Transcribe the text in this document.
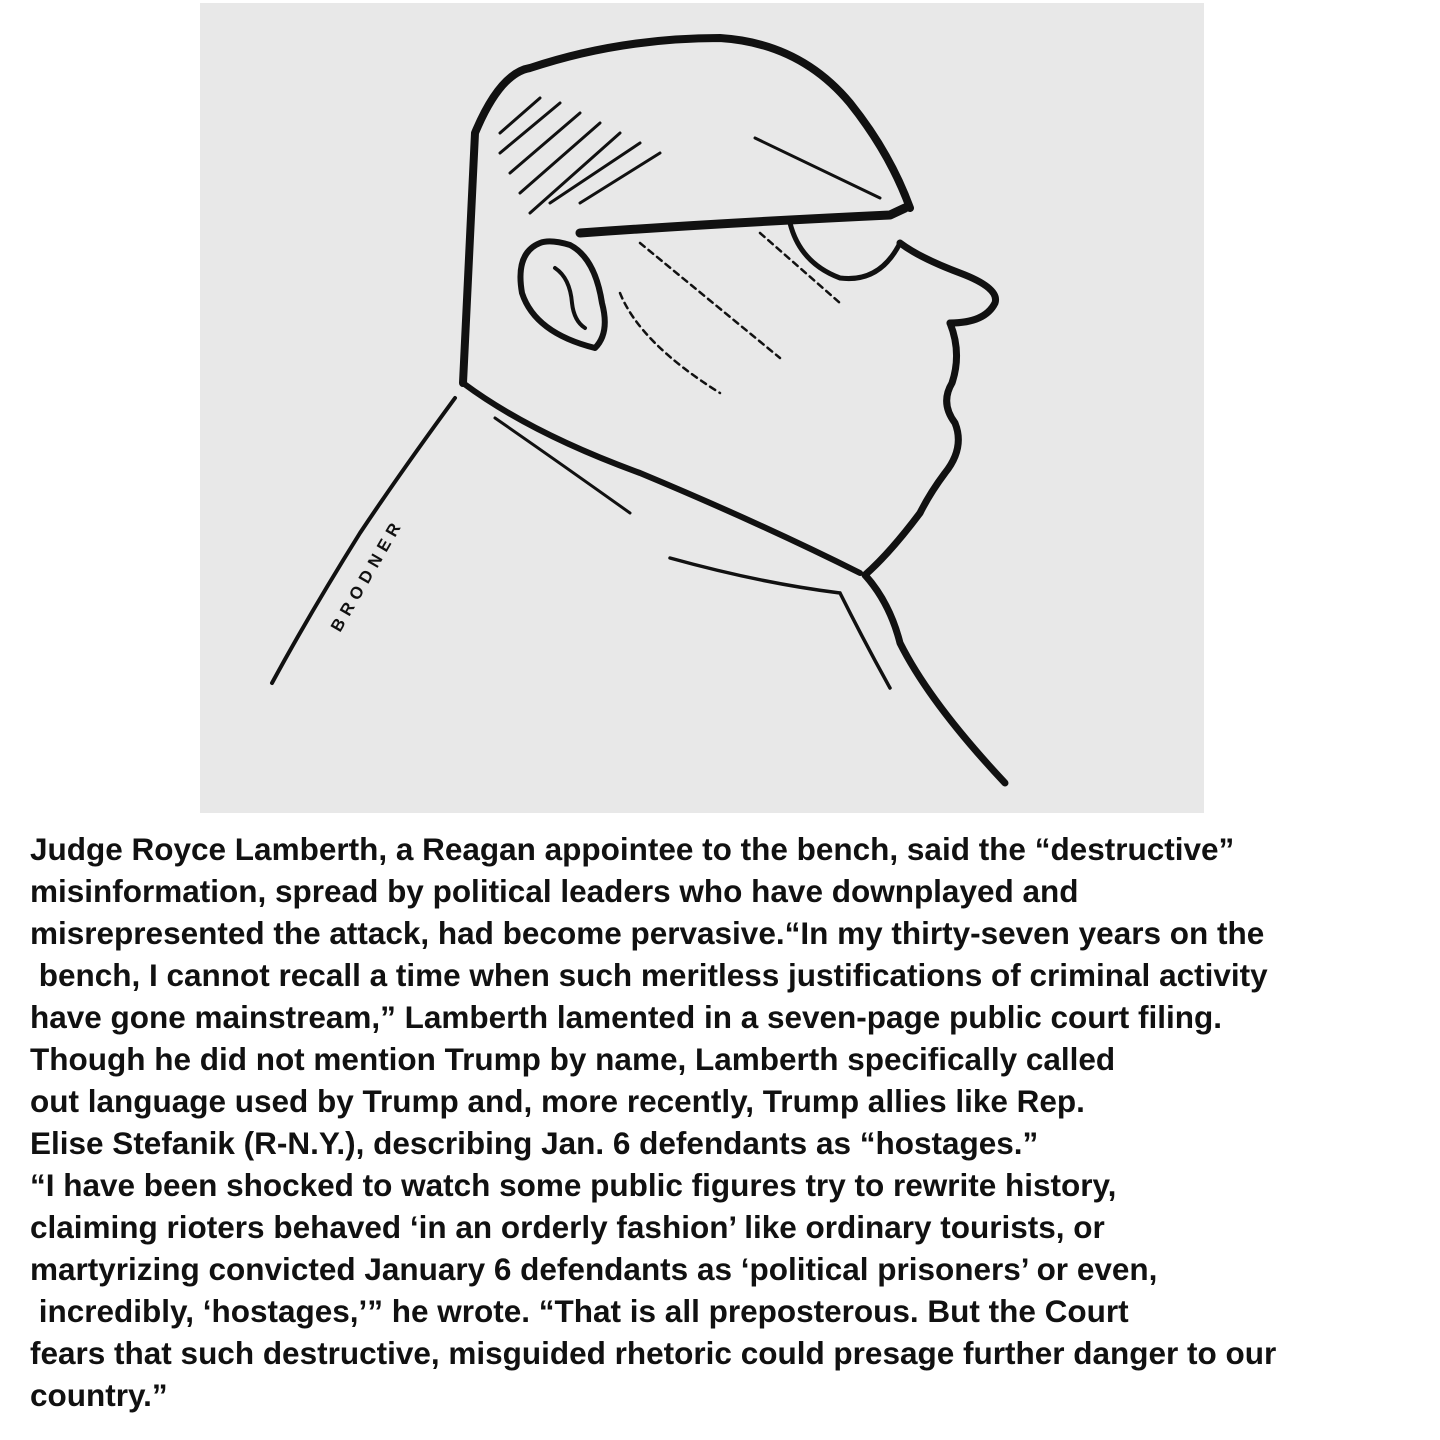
BRODNER
Judge Royce Lamberth, a Reagan appointee to the bench, said the “destructive”
misinformation, spread by political leaders who have downplayed and
misrepresented the attack, had become pervasive.“In my thirty-seven years on the
bench, I cannot recall a time when such meritless justifications of criminal activity
have gone mainstream,” Lamberth lamented in a seven-page public court filing.
Though he did not mention Trump by name, Lamberth specifically called
out language used by Trump and, more recently, Trump allies like Rep.
Elise Stefanik (R-N.Y.), describing Jan. 6 defendants as “hostages.”
“I have been shocked to watch some public figures try to rewrite history,
claiming rioters behaved ‘in an orderly fashion’ like ordinary tourists, or
martyrizing convicted January 6 defendants as ‘political prisoners’ or even,
incredibly, ‘hostages,’” he wrote. “That is all preposterous. But the Court
fears that such destructive, misguided rhetoric could presage further danger to our
country.”
